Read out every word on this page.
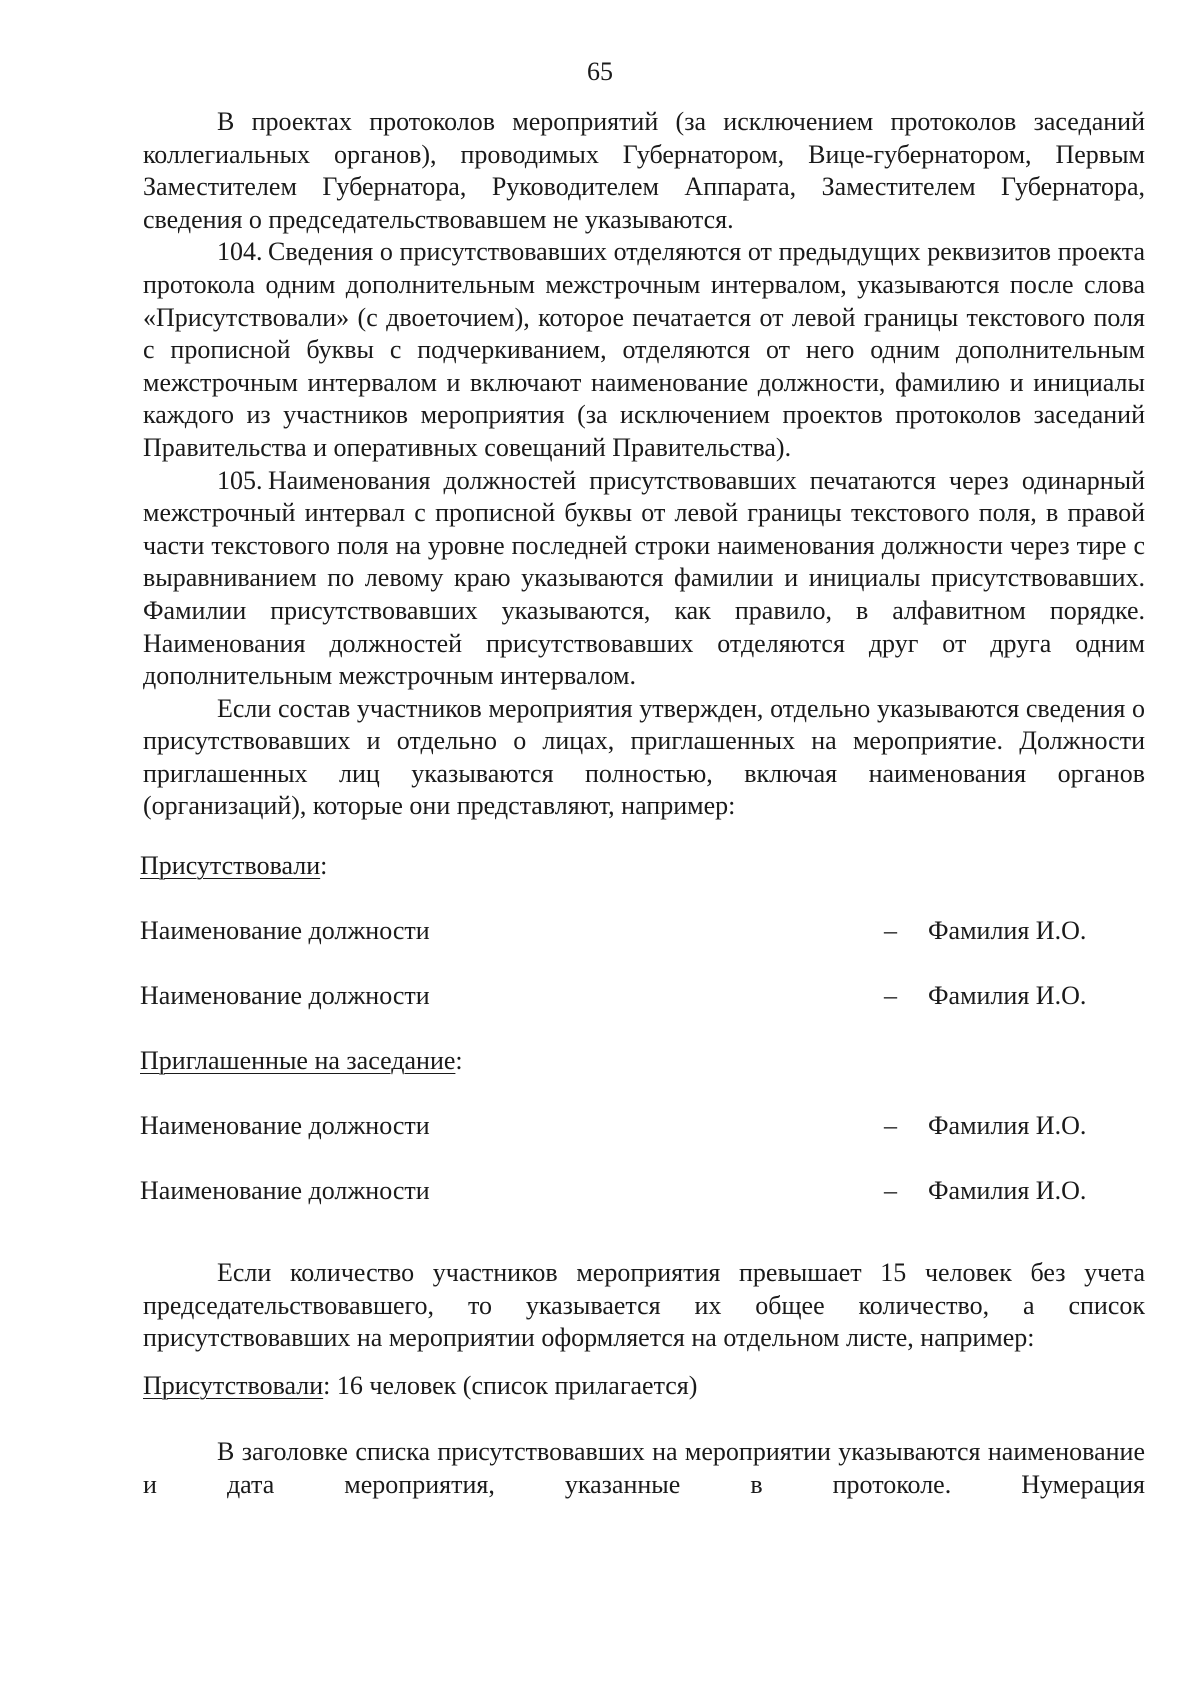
65

В проектах протоколов мероприятий (за исключением протоколов заседаний коллегиальных органов), проводимых Губернатором, Вице-губернатором, Первым Заместителем Губернатора, Руководителем Аппарата, Заместителем Губернатора, сведения о председательствовавшем не указываются.

104. Сведения о присутствовавших отделяются от предыдущих реквизитов проекта протокола одним дополнительным межстрочным интервалом, указываются после слова «Присутствовали» (с двоеточием), которое печатается от левой границы текстового поля с прописной буквы с подчеркиванием, отделяются от него одним дополнительным межстрочным интервалом и включают наименование должности, фамилию и инициалы каждого из участников мероприятия (за исключением проектов протоколов заседаний Правительства и оперативных совещаний Правительства).

105. Наименования должностей присутствовавших печатаются через одинарный межстрочный интервал с прописной буквы от левой границы текстового поля, в правой части текстового поля на уровне последней строки наименования должности через тире с выравниванием по левому краю указываются фамилии и инициалы присутствовавших. Фамилии присутствовавших указываются, как правило, в алфавитном порядке. Наименования должностей присутствовавших отделяются друг от друга одним дополнительным межстрочным интервалом.

Если состав участников мероприятия утвержден, отдельно указываются сведения о присутствовавших и отдельно о лицах, приглашенных на мероприятие. Должности приглашенных лиц указываются полностью, включая наименования органов (организаций), которые они представляют, например:

Присутствовали:
Наименование должности	– Фамилия И.О.
Наименование должности	– Фамилия И.О.
Приглашенные на заседание:
Наименование должности	– Фамилия И.О.
Наименование должности	– Фамилия И.О.

Если количество участников мероприятия превышает 15 человек без учета председательствовавшего, то указывается их общее количество, а список присутствовавших на мероприятии оформляется на отдельном листе, например:

Присутствовали: 16 человек (список прилагается)

В заголовке списка присутствовавших на мероприятии указываются наименование и дата мероприятия, указанные в протоколе. Нумерация
